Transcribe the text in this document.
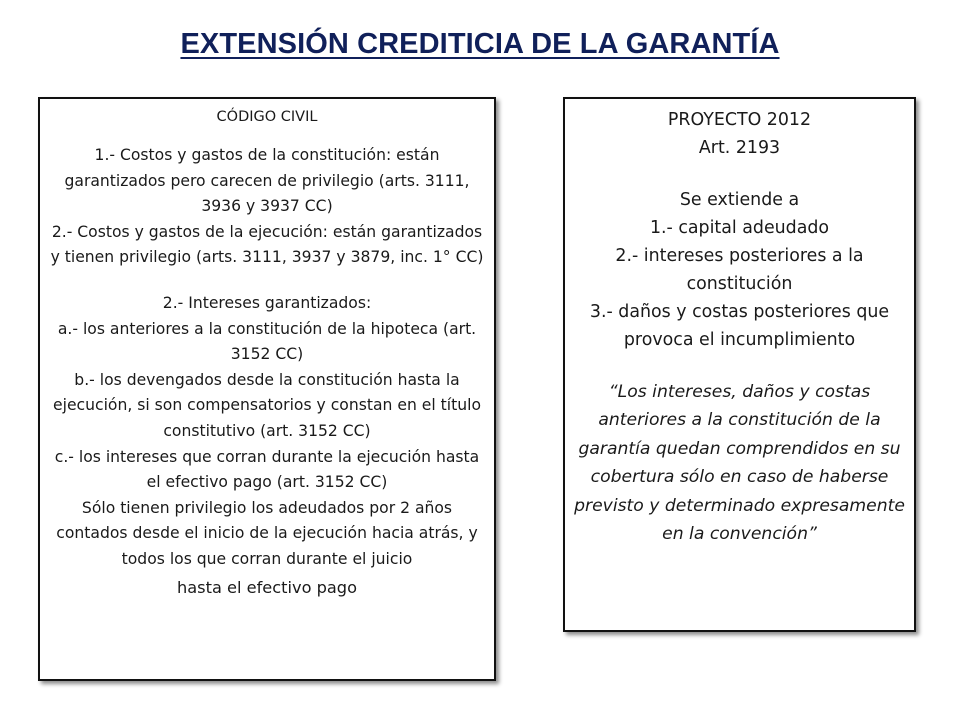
EXTENSIÓN CREDITICIA DE LA GARANTÍA

CÓDIGO CIVIL

1.- Costos y gastos de la constitución: están garantizados pero carecen de privilegio (arts. 3111, 3936 y 3937 CC)

2.- Costos y gastos de la ejecución: están garantizados y tienen privilegio (arts. 3111, 3937 y 3879, inc. 1° CC)

2.- Intereses garantizados:

a.- los anteriores a la constitución de la hipoteca (art. 3152 CC)

b.- los devengados desde la constitución hasta la ejecución, si son compensatorios y constan en el título constitutivo (art. 3152 CC)

c.- los intereses que corran durante la ejecución hasta el efectivo pago (art. 3152 CC)

Sólo tienen privilegio los adeudados por 2 años contados desde el inicio de la ejecución hacia atrás, y todos los que corran durante el juicio

hasta el efectivo pago

PROYECTO 2012

Art. 2193

Se extiende a

1.- capital adeudado

2.- intereses posteriores a la constitución

3.- daños y costas posteriores que provoca el incumplimiento

“Los intereses, daños y costas anteriores a la constitución de la garantía quedan comprendidos en su cobertura sólo en caso de haberse previsto y determinado expresamente en la convención”
